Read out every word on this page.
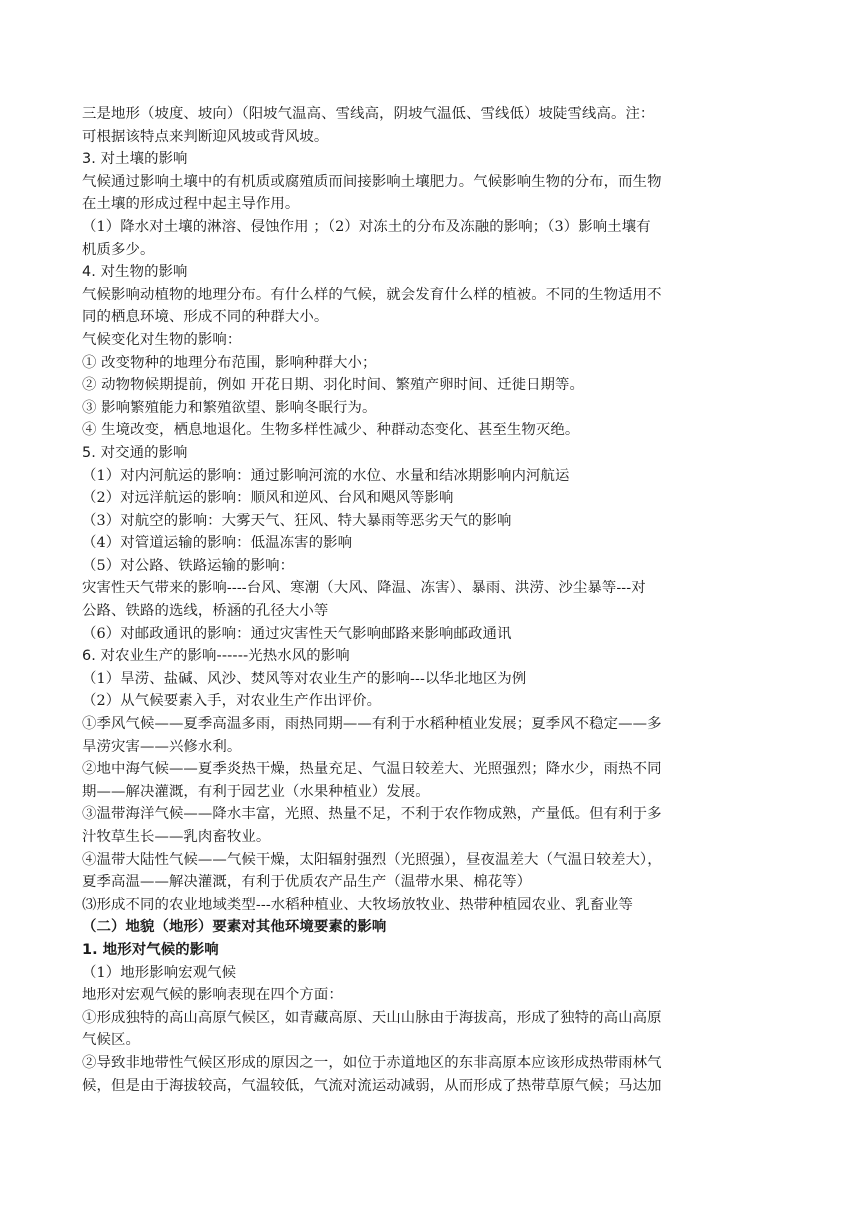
三是地形（坡度、坡向）（阳坡气温高、雪线高，阴坡气温低、雪线低）坡陡雪线高。注：
可根据该特点来判断迎风坡或背风坡。
3. 对土壤的影响
气候通过影响土壤中的有机质或腐殖质而间接影响土壤肥力。气候影响生物的分布，而生物
在土壤的形成过程中起主导作用。
（1）降水对土壤的淋溶、侵蚀作用 ；（2）对冻土的分布及冻融的影响；（3）影响土壤有
机质多少。
4. 对生物的影响
气候影响动植物的地理分布。有什么样的气候，就会发育什么样的植被。不同的生物适用不
同的栖息环境、形成不同的种群大小。
气候变化对生物的影响：
① 改变物种的地理分布范围，影响种群大小；
② 动物物候期提前，例如 开花日期、羽化时间、繁殖产卵时间、迁徙日期等。
③ 影响繁殖能力和繁殖欲望、影响冬眠行为。
④ 生境改变，栖息地退化。生物多样性减少、种群动态变化、甚至生物灭绝。
5. 对交通的影响
（1）对内河航运的影响：通过影响河流的水位、水量和结冰期影响内河航运
（2）对远洋航运的影响：顺风和逆风、台风和飓风等影响
（3）对航空的影响：大雾天气、狂风、特大暴雨等恶劣天气的影响
（4）对管道运输的影响：低温冻害的影响
（5）对公路、铁路运输的影响：
灾害性天气带来的影响----台风、寒潮（大风、降温、冻害）、暴雨、洪涝、沙尘暴等---对
公路、铁路的选线，桥涵的孔径大小等
（6）对邮政通讯的影响：通过灾害性天气影响邮路来影响邮政通讯
6. 对农业生产的影响------光热水风的影响
（1）旱涝、盐碱、风沙、焚风等对农业生产的影响---以华北地区为例
（2）从气候要素入手，对农业生产作出评价。
①季风气候——夏季高温多雨，雨热同期——有利于水稻种植业发展；夏季风不稳定——多
旱涝灾害——兴修水利。
②地中海气候——夏季炎热干燥，热量充足、气温日较差大、光照强烈；降水少，雨热不同
期——解决灌溉，有利于园艺业（水果种植业）发展。
③温带海洋气候——降水丰富，光照、热量不足，不利于农作物成熟，产量低。但有利于多
汁牧草生长——乳肉畜牧业。
④温带大陆性气候——气候干燥，太阳辐射强烈（光照强），昼夜温差大（气温日较差大），
夏季高温——解决灌溉，有利于优质农产品生产（温带水果、棉花等）
⑶形成不同的农业地域类型---水稻种植业、大牧场放牧业、热带种植园农业、乳畜业等
（二）地貌（地形）要素对其他环境要素的影响
1. 地形对气候的影响
（1）地形影响宏观气候
地形对宏观气候的影响表现在四个方面：
①形成独特的高山高原气候区，如青藏高原、天山山脉由于海拔高，形成了独特的高山高原
气候区。
②导致非地带性气候区形成的原因之一，如位于赤道地区的东非高原本应该形成热带雨林气
候，但是由于海拔较高，气温较低，气流对流运动减弱，从而形成了热带草原气候；马达加
